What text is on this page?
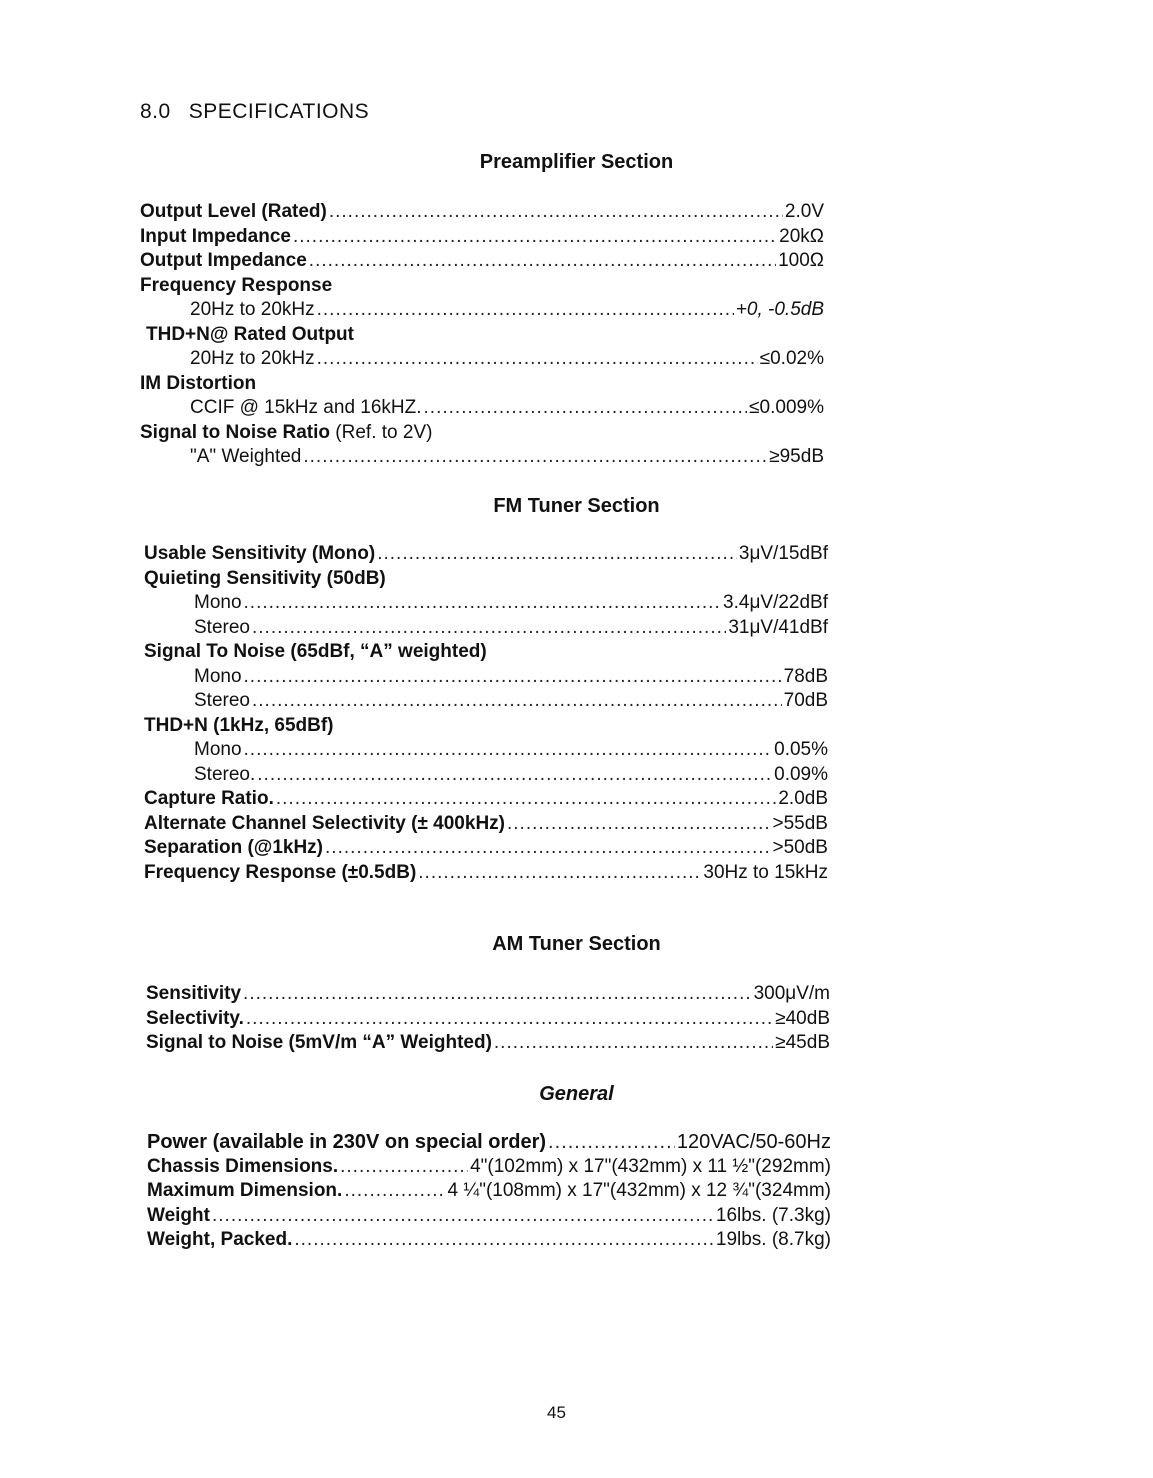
8.0 SPECIFICATIONS
Preamplifier Section
Output Level (Rated) .....	2.0V
Input Impedance .....	20kΩ
Output Impedance .....	100Ω
Frequency Response
20Hz to 20kHz .....	+0, -0.5dB
THD+N@ Rated Output
20Hz to 20kHz .....	≤0.02%
IM Distortion
CCIF @ 15kHz and 16kHZ. .....	≤0.009%
Signal to Noise Ratio (Ref. to 2V)
"A" Weighted .....	≥95dB
FM Tuner Section
Usable Sensitivity (Mono) .....	3μV/15dBf
Quieting Sensitivity (50dB)
Mono .....	3.4μV/22dBf
Stereo .....	31μV/41dBf
Signal To Noise (65dBf, “A” weighted)
Mono .....	78dB
Stereo .....	70dB
THD+N (1kHz, 65dBf)
Mono .....	0.05%
Stereo. .....	0.09%
Capture Ratio. .....	2.0dB
Alternate Channel Selectivity (± 400kHz) .....	>55dB
Separation (@1kHz) .....	>50dB
Frequency Response (±0.5dB) .....	30Hz to 15kHz
AM Tuner Section
Sensitivity .....	300μV/m
Selectivity. .....	≥40dB
Signal to Noise (5mV/m “A” Weighted) .....	≥45dB
General
Power (available in 230V on special order) .....	120VAC/50-60Hz
Chassis Dimensions. .....	4"(102mm) x 17"(432mm) x 11 ½"(292mm)
Maximum Dimension. .....	4 ¼"(108mm) x 17"(432mm) x 12 ¾"(324mm)
Weight .....	16lbs. (7.3kg)
Weight, Packed. .....	19lbs. (8.7kg)
45
